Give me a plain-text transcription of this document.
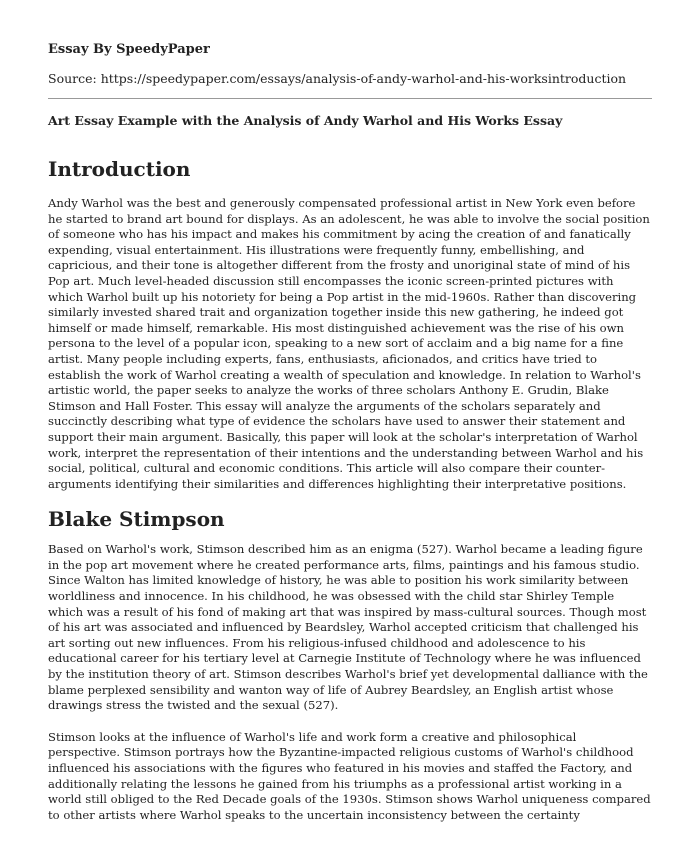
Essay By SpeedyPaper
Source: https://speedypaper.com/essays/analysis-of-andy-warhol-and-his-worksintroduction
Art Essay Example with the Analysis of Andy Warhol and His Works Essay
Introduction

Andy Warhol was the best and generously compensated professional artist in New York even before he started to brand art bound for displays. As an adolescent, he was able to involve the social position of someone who has his impact and makes his commitment by acing the creation of and fanatically expending, visual entertainment. His illustrations were frequently funny, embellishing, and capricious, and their tone is altogether different from the frosty and unoriginal state of mind of his Pop art. Much level-headed discussion still encompasses the iconic screen-printed pictures with which Warhol built up his notoriety for being a Pop artist in the mid-1960s. Rather than discovering similarly invested shared trait and organization together inside this new gathering, he indeed got himself or made himself, remarkable. His most distinguished achievement was the rise of his own persona to the level of a popular icon, speaking to a new sort of acclaim and a big name for a fine artist. Many people including experts, fans, enthusiasts, aficionados, and critics have tried to establish the work of Warhol creating a wealth of speculation and knowledge. In relation to Warhol's artistic world, the paper seeks to analyze the works of three scholars Anthony E. Grudin, Blake Stimson and Hall Foster. This essay will analyze the arguments of the scholars separately and succinctly describing what type of evidence the scholars have used to answer their statement and support their main argument. Basically, this paper will look at the scholar's interpretation of Warhol work, interpret the representation of their intentions and the understanding between Warhol and his social, political, cultural and economic conditions. This article will also compare their counter-arguments identifying their similarities and differences highlighting their interpretative positions.

Blake Stimpson

Based on Warhol's work, Stimson described him as an enigma (527). Warhol became a leading figure in the pop art movement where he created performance arts, films, paintings and his famous studio. Since Walton has limited knowledge of history, he was able to position his work similarity between worldliness and innocence. In his childhood, he was obsessed with the child star Shirley Temple which was a result of his fond of making art that was inspired by mass-cultural sources. Though most of his art was associated and influenced by Beardsley, Warhol accepted criticism that challenged his art sorting out new influences. From his religious-infused childhood and adolescence to his educational career for his tertiary level at Carnegie Institute of Technology where he was influenced by the institution theory of art. Stimson describes Warhol's brief yet developmental dalliance with the blame perplexed sensibility and wanton way of life of Aubrey Beardsley, an English artist whose drawings stress the twisted and the sexual (527).

Stimson looks at the influence of Warhol's life and work form a creative and philosophical perspective. Stimson portrays how the Byzantine-impacted religious customs of Warhol's childhood influenced his associations with the figures who featured in his movies and staffed the Factory, and additionally relating the lessons he gained from his triumphs as a professional artist working in a world still obliged to the Red Decade goals of the 1930s. Stimson shows Warhol uniqueness compared to other artists where Warhol speaks to the uncertain inconsistency between the certainty
